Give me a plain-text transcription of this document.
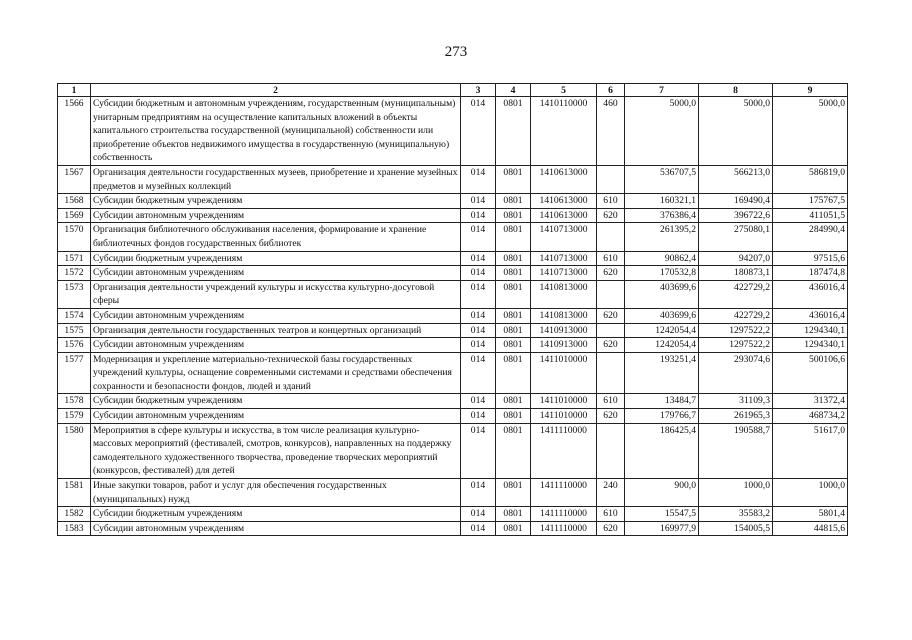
273
1	2	3	4	5	6	7	8	9
1566	Субсидии бюджетным и автономным учреждениям, государственным (муниципальным) унитарным предприятиям на осуществление капитальных вложений в объекты капитального строительства государственной (муниципальной) собственности или приобретение объектов недвижимого имущества в государственную (муниципальную) собственность	014	0801	1410110000	460	5000,0	5000,0	5000,0
1567	Организация деятельности государственных музеев, приобретение и хранение музейных предметов и музейных коллекций	014	0801	1410613000		536707,5	566213,0	586819,0
1568	Субсидии бюджетным учреждениям	014	0801	1410613000	610	160321,1	169490,4	175767,5
1569	Субсидии автономным учреждениям	014	0801	1410613000	620	376386,4	396722,6	411051,5
1570	Организация библиотечного обслуживания населения, формирование и хранение библиотечных фондов государственных библиотек	014	0801	1410713000		261395,2	275080,1	284990,4
1571	Субсидии бюджетным учреждениям	014	0801	1410713000	610	90862,4	94207,0	97515,6
1572	Субсидии автономным учреждениям	014	0801	1410713000	620	170532,8	180873,1	187474,8
1573	Организация деятельности учреждений культуры и искусства культурно-досуговой сферы	014	0801	1410813000		403699,6	422729,2	436016,4
1574	Субсидии автономным учреждениям	014	0801	1410813000	620	403699,6	422729,2	436016,4
1575	Организация деятельности государственных театров и концертных организаций	014	0801	1410913000		1242054,4	1297522,2	1294340,1
1576	Субсидии автономным учреждениям	014	0801	1410913000	620	1242054,4	1297522,2	1294340,1
1577	Модернизация и укрепление материально-технической базы государственных учреждений культуры, оснащение современными системами и средствами обеспечения сохранности и безопасности фондов, людей и зданий	014	0801	1411010000		193251,4	293074,6	500106,6
1578	Субсидии бюджетным учреждениям	014	0801	1411010000	610	13484,7	31109,3	31372,4
1579	Субсидии автономным учреждениям	014	0801	1411010000	620	179766,7	261965,3	468734,2
1580	Мероприятия в сфере культуры и искусства, в том числе реализация культурно-массовых мероприятий (фестивалей, смотров, конкурсов), направленных на поддержку самодеятельного художественного творчества, проведение творческих мероприятий (конкурсов, фестивалей) для детей	014	0801	1411110000		186425,4	190588,7	51617,0
1581	Иные закупки товаров, работ и услуг для обеспечения государственных (муниципальных) нужд	014	0801	1411110000	240	900,0	1000,0	1000,0
1582	Субсидии бюджетным учреждениям	014	0801	1411110000	610	15547,5	35583,2	5801,4
1583	Субсидии автономным учреждениям	014	0801	1411110000	620	169977,9	154005,5	44815,6
